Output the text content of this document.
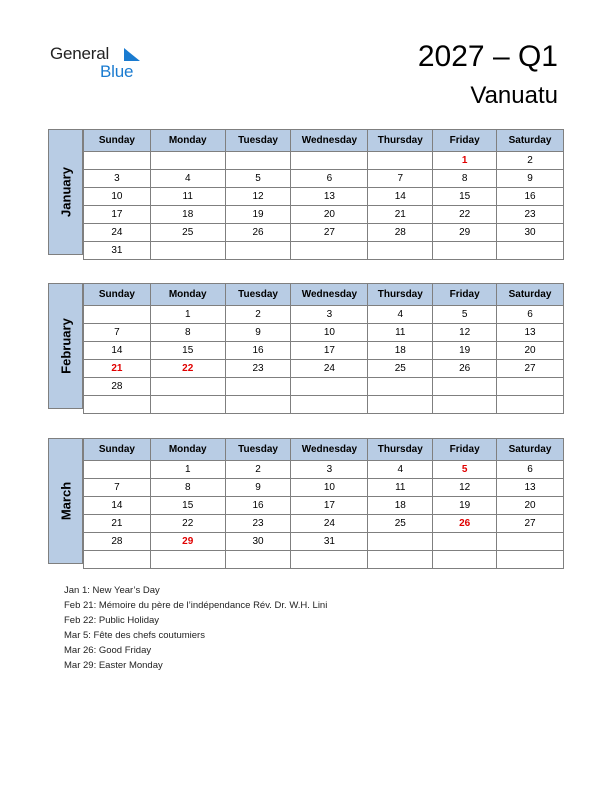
General
Blue	2027 – Q1
Vanuatu
January
Sunday	Monday	Tuesday	Wednesday	Thursday	Friday	Saturday
					1	2
3	4	5	6	7	8	9
10	11	12	13	14	15	16
17	18	19	20	21	22	23
24	25	26	27	28	29	30
31						
February
Sunday	Monday	Tuesday	Wednesday	Thursday	Friday	Saturday
	1	2	3	4	5	6
7	8	9	10	11	12	13
14	15	16	17	18	19	20
21	22	23	24	25	26	27
28						

March
Sunday	Monday	Tuesday	Wednesday	Thursday	Friday	Saturday
	1	2	3	4	5	6
7	8	9	10	11	12	13
14	15	16	17	18	19	20
21	22	23	24	25	26	27
28	29	30	31			

Jan 1: New Year’s Day
Feb 21: Mémoire du père de l’indépendance Rév. Dr. W.H. Lini
Feb 22: Public Holiday
Mar 5: Fête des chefs coutumiers
Mar 26: Good Friday
Mar 29: Easter Monday
